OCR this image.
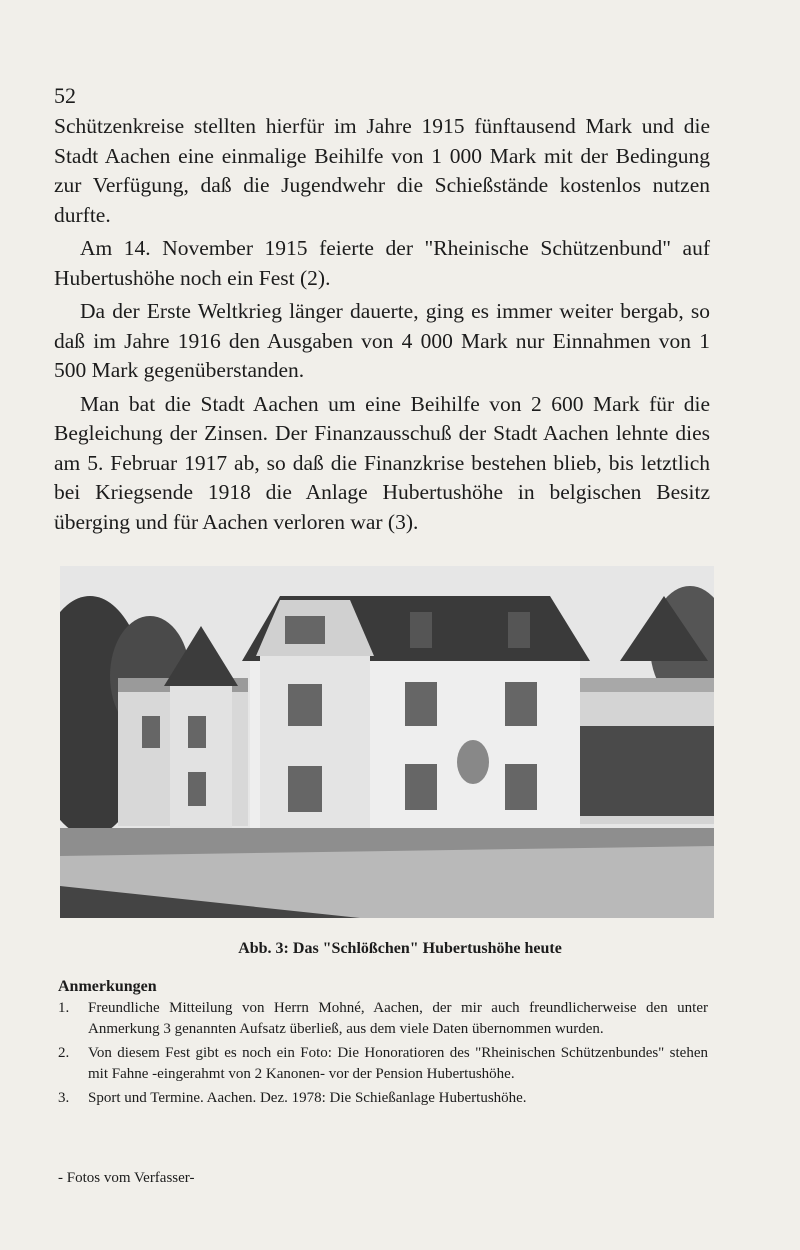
52

Schützenkreise stellten hierfür im Jahre 1915 fünftausend Mark und die Stadt Aachen eine einmalige Beihilfe von 1 000 Mark mit der Bedingung zur Verfügung, daß die Jugendwehr die Schießstände kostenlos nutzen durfte.

Am 14. November 1915 feierte der "Rheinische Schützenbund" auf Hubertushöhe noch ein Fest (2).

Da der Erste Weltkrieg länger dauerte, ging es immer weiter bergab, so daß im Jahre 1916 den Ausgaben von 4 000 Mark nur Einnahmen von 1 500 Mark gegenüberstanden.

Man bat die Stadt Aachen um eine Beihilfe von 2 600 Mark für die Begleichung der Zinsen. Der Finanzausschuß der Stadt Aachen lehnte dies am 5. Februar 1917 ab, so daß die Finanzkrise bestehen blieb, bis letztlich bei Kriegsende 1918 die Anlage Hubertushöhe in belgischen Besitz überging und für Aachen verloren war (3).

Abb. 3: Das "Schlößchen" Hubertushöhe heute
Anmerkungen
1. Freundliche Mitteilung von Herrn Mohné, Aachen, der mir auch freundlicherweise den unter Anmerkung 3 genannten Aufsatz überließ, aus dem viele Daten übernommen wurden.
2. Von diesem Fest gibt es noch ein Foto: Die Honoratioren des "Rheinischen Schützenbundes" stehen mit Fahne -eingerahmt von 2 Kanonen- vor der Pension Hubertushöhe.
3. Sport und Termine. Aachen. Dez. 1978: Die Schießanlage Hubertushöhe.
- Fotos vom Verfasser-
